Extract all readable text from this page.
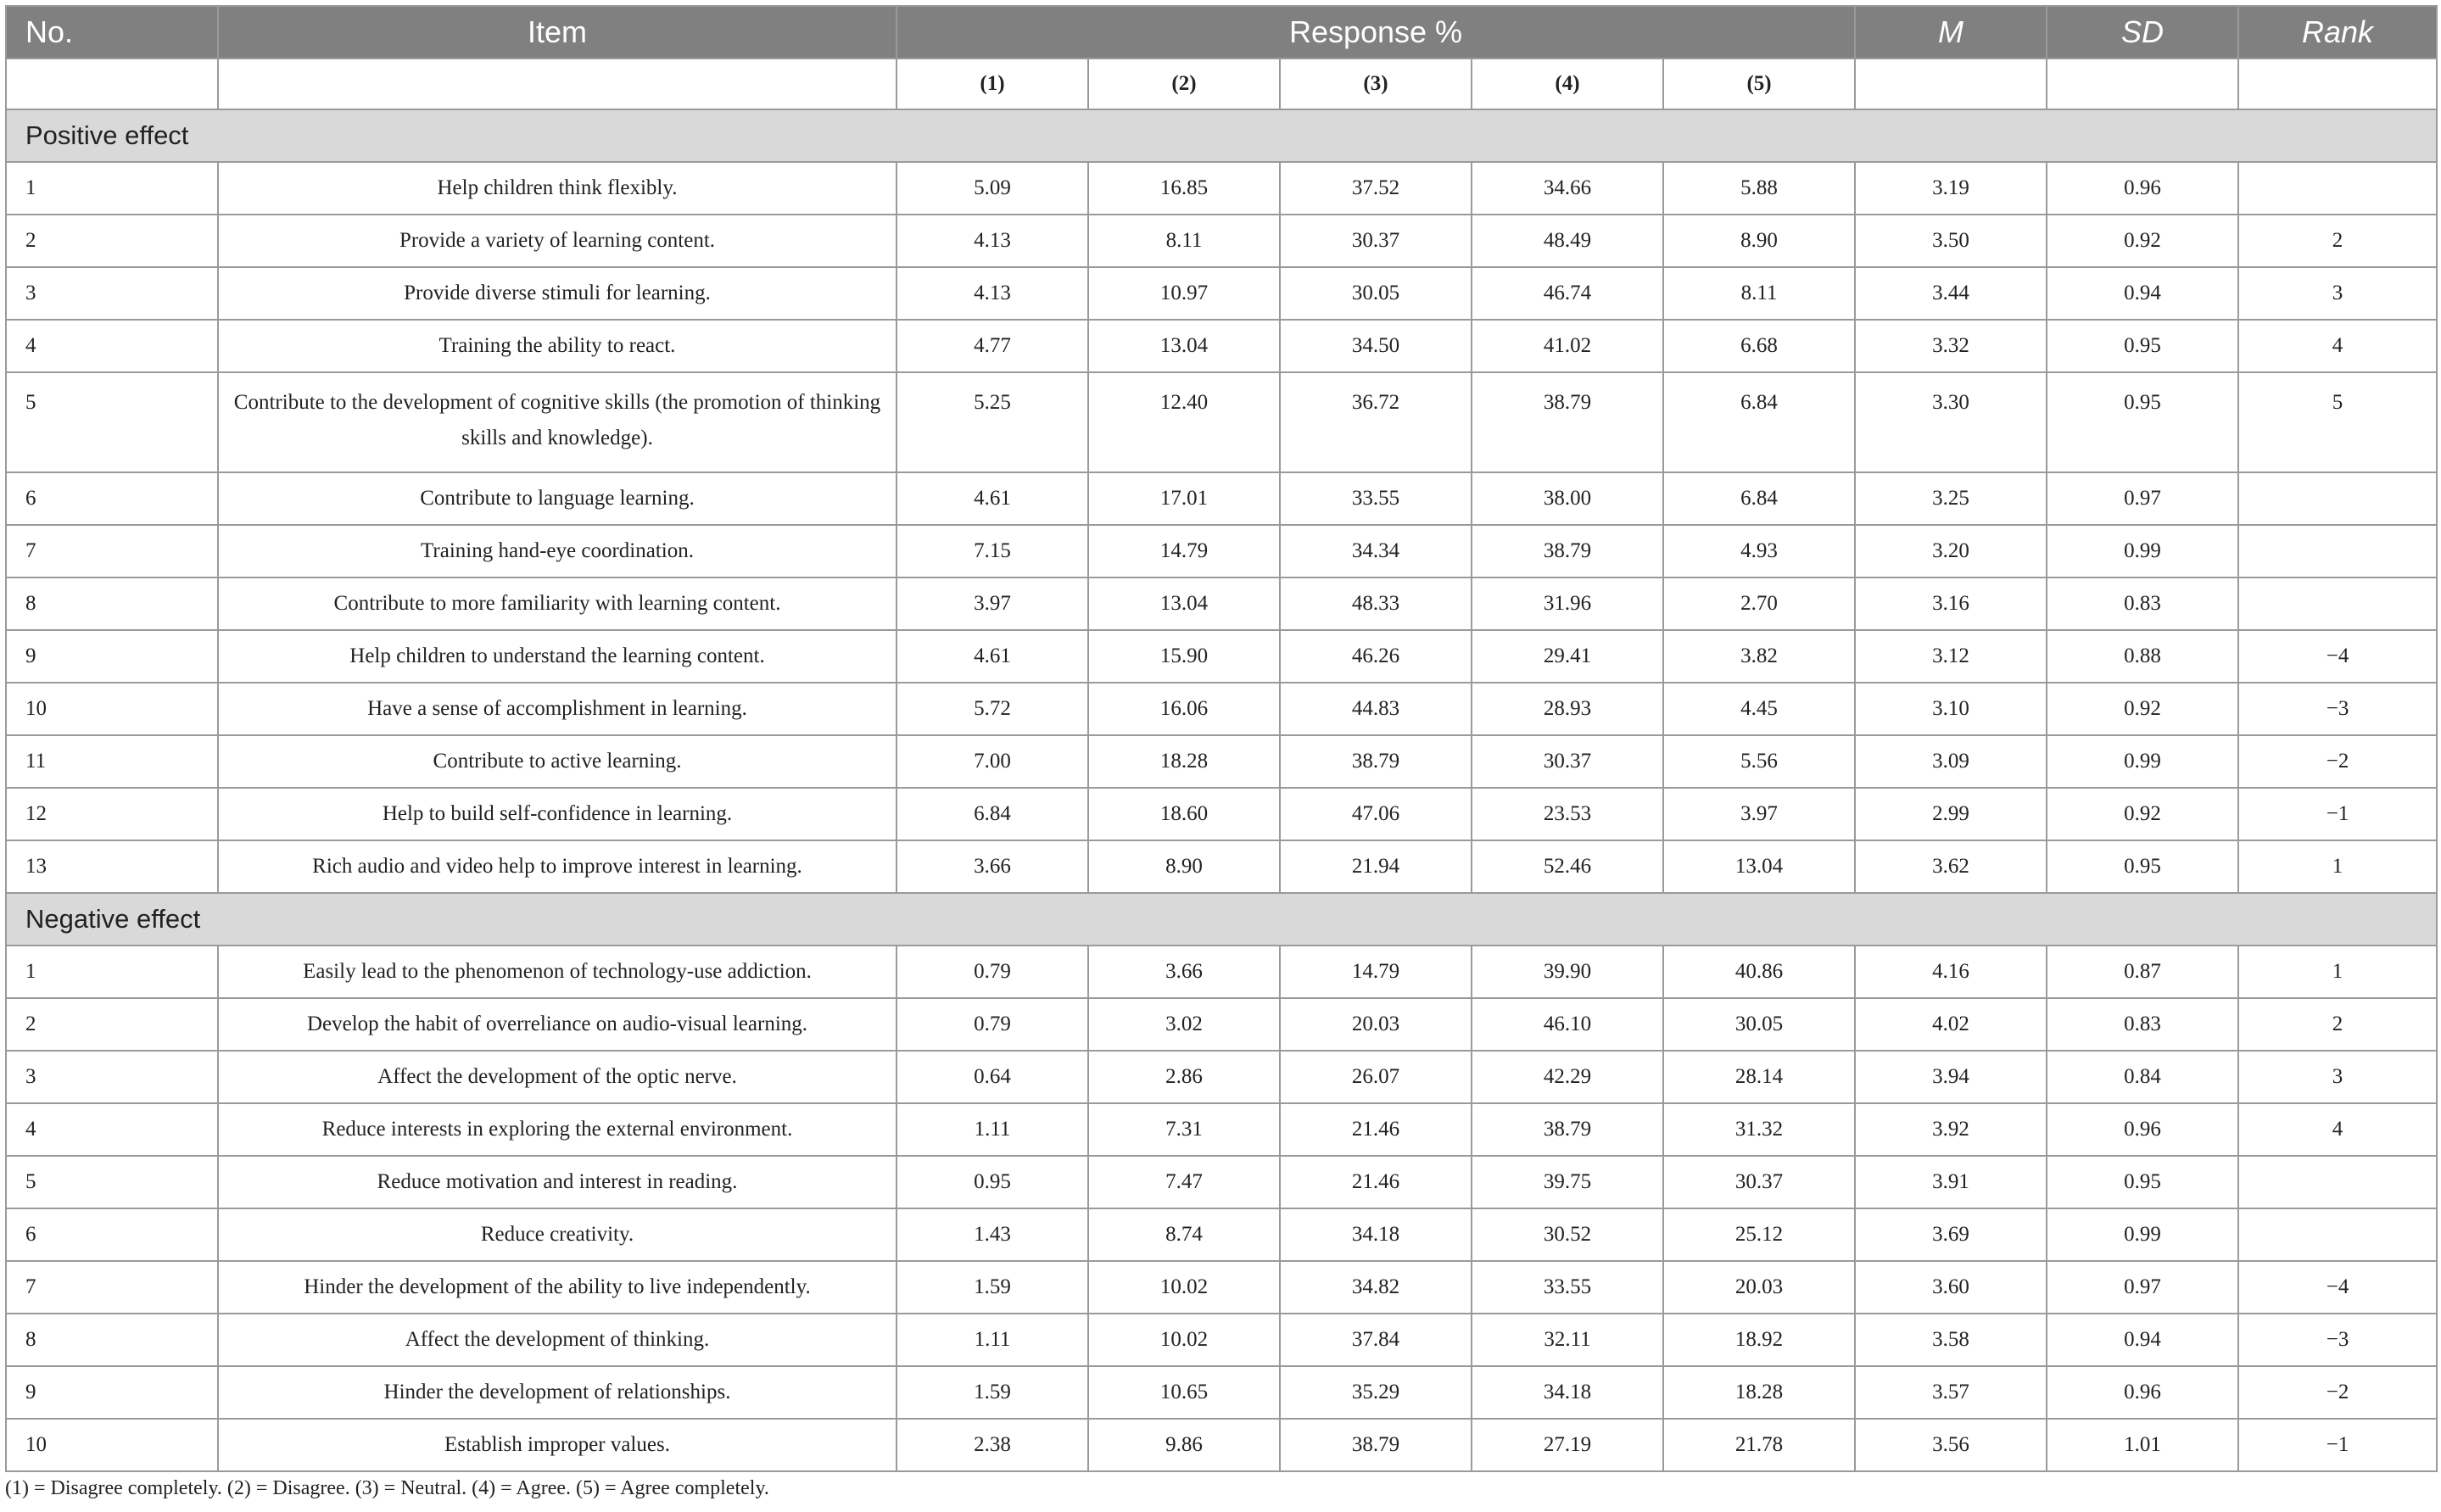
No.	Item	Response %					M	SD	Rank
		(1)	(2)	(3)	(4)	(5)			
Positive effect									
1	Help children think flexibly.	5.09	16.85	37.52	34.66	5.88	3.19	0.96	
2	Provide a variety of learning content.	4.13	8.11	30.37	48.49	8.90	3.50	0.92	2
3	Provide diverse stimuli for learning.	4.13	10.97	30.05	46.74	8.11	3.44	0.94	3
4	Training the ability to react.	4.77	13.04	34.50	41.02	6.68	3.32	0.95	4
5	Contribute to the development of cognitive skills (the promotion of thinking skills and knowledge).	5.25	12.40	36.72	38.79	6.84	3.30	0.95	5
6	Contribute to language learning.	4.61	17.01	33.55	38.00	6.84	3.25	0.97	
7	Training hand-eye coordination.	7.15	14.79	34.34	38.79	4.93	3.20	0.99	
8	Contribute to more familiarity with learning content.	3.97	13.04	48.33	31.96	2.70	3.16	0.83	
9	Help children to understand the learning content.	4.61	15.90	46.26	29.41	3.82	3.12	0.88	−4
10	Have a sense of accomplishment in learning.	5.72	16.06	44.83	28.93	4.45	3.10	0.92	−3
11	Contribute to active learning.	7.00	18.28	38.79	30.37	5.56	3.09	0.99	−2
12	Help to build self-confidence in learning.	6.84	18.60	47.06	23.53	3.97	2.99	0.92	−1
13	Rich audio and video help to improve interest in learning.	3.66	8.90	21.94	52.46	13.04	3.62	0.95	1
Negative effect									
1	Easily lead to the phenomenon of technology-use addiction.	0.79	3.66	14.79	39.90	40.86	4.16	0.87	1
2	Develop the habit of overreliance on audio-visual learning.	0.79	3.02	20.03	46.10	30.05	4.02	0.83	2
3	Affect the development of the optic nerve.	0.64	2.86	26.07	42.29	28.14	3.94	0.84	3
4	Reduce interests in exploring the external environment.	1.11	7.31	21.46	38.79	31.32	3.92	0.96	4
5	Reduce motivation and interest in reading.	0.95	7.47	21.46	39.75	30.37	3.91	0.95	
6	Reduce creativity.	1.43	8.74	34.18	30.52	25.12	3.69	0.99	
7	Hinder the development of the ability to live independently.	1.59	10.02	34.82	33.55	20.03	3.60	0.97	−4
8	Affect the development of thinking.	1.11	10.02	37.84	32.11	18.92	3.58	0.94	−3
9	Hinder the development of relationships.	1.59	10.65	35.29	34.18	18.28	3.57	0.96	−2
10	Establish improper values.	2.38	9.86	38.79	27.19	21.78	3.56	1.01	−1
(1) = Disagree completely. (2) = Disagree. (3) = Neutral. (4) = Agree. (5) = Agree completely.
